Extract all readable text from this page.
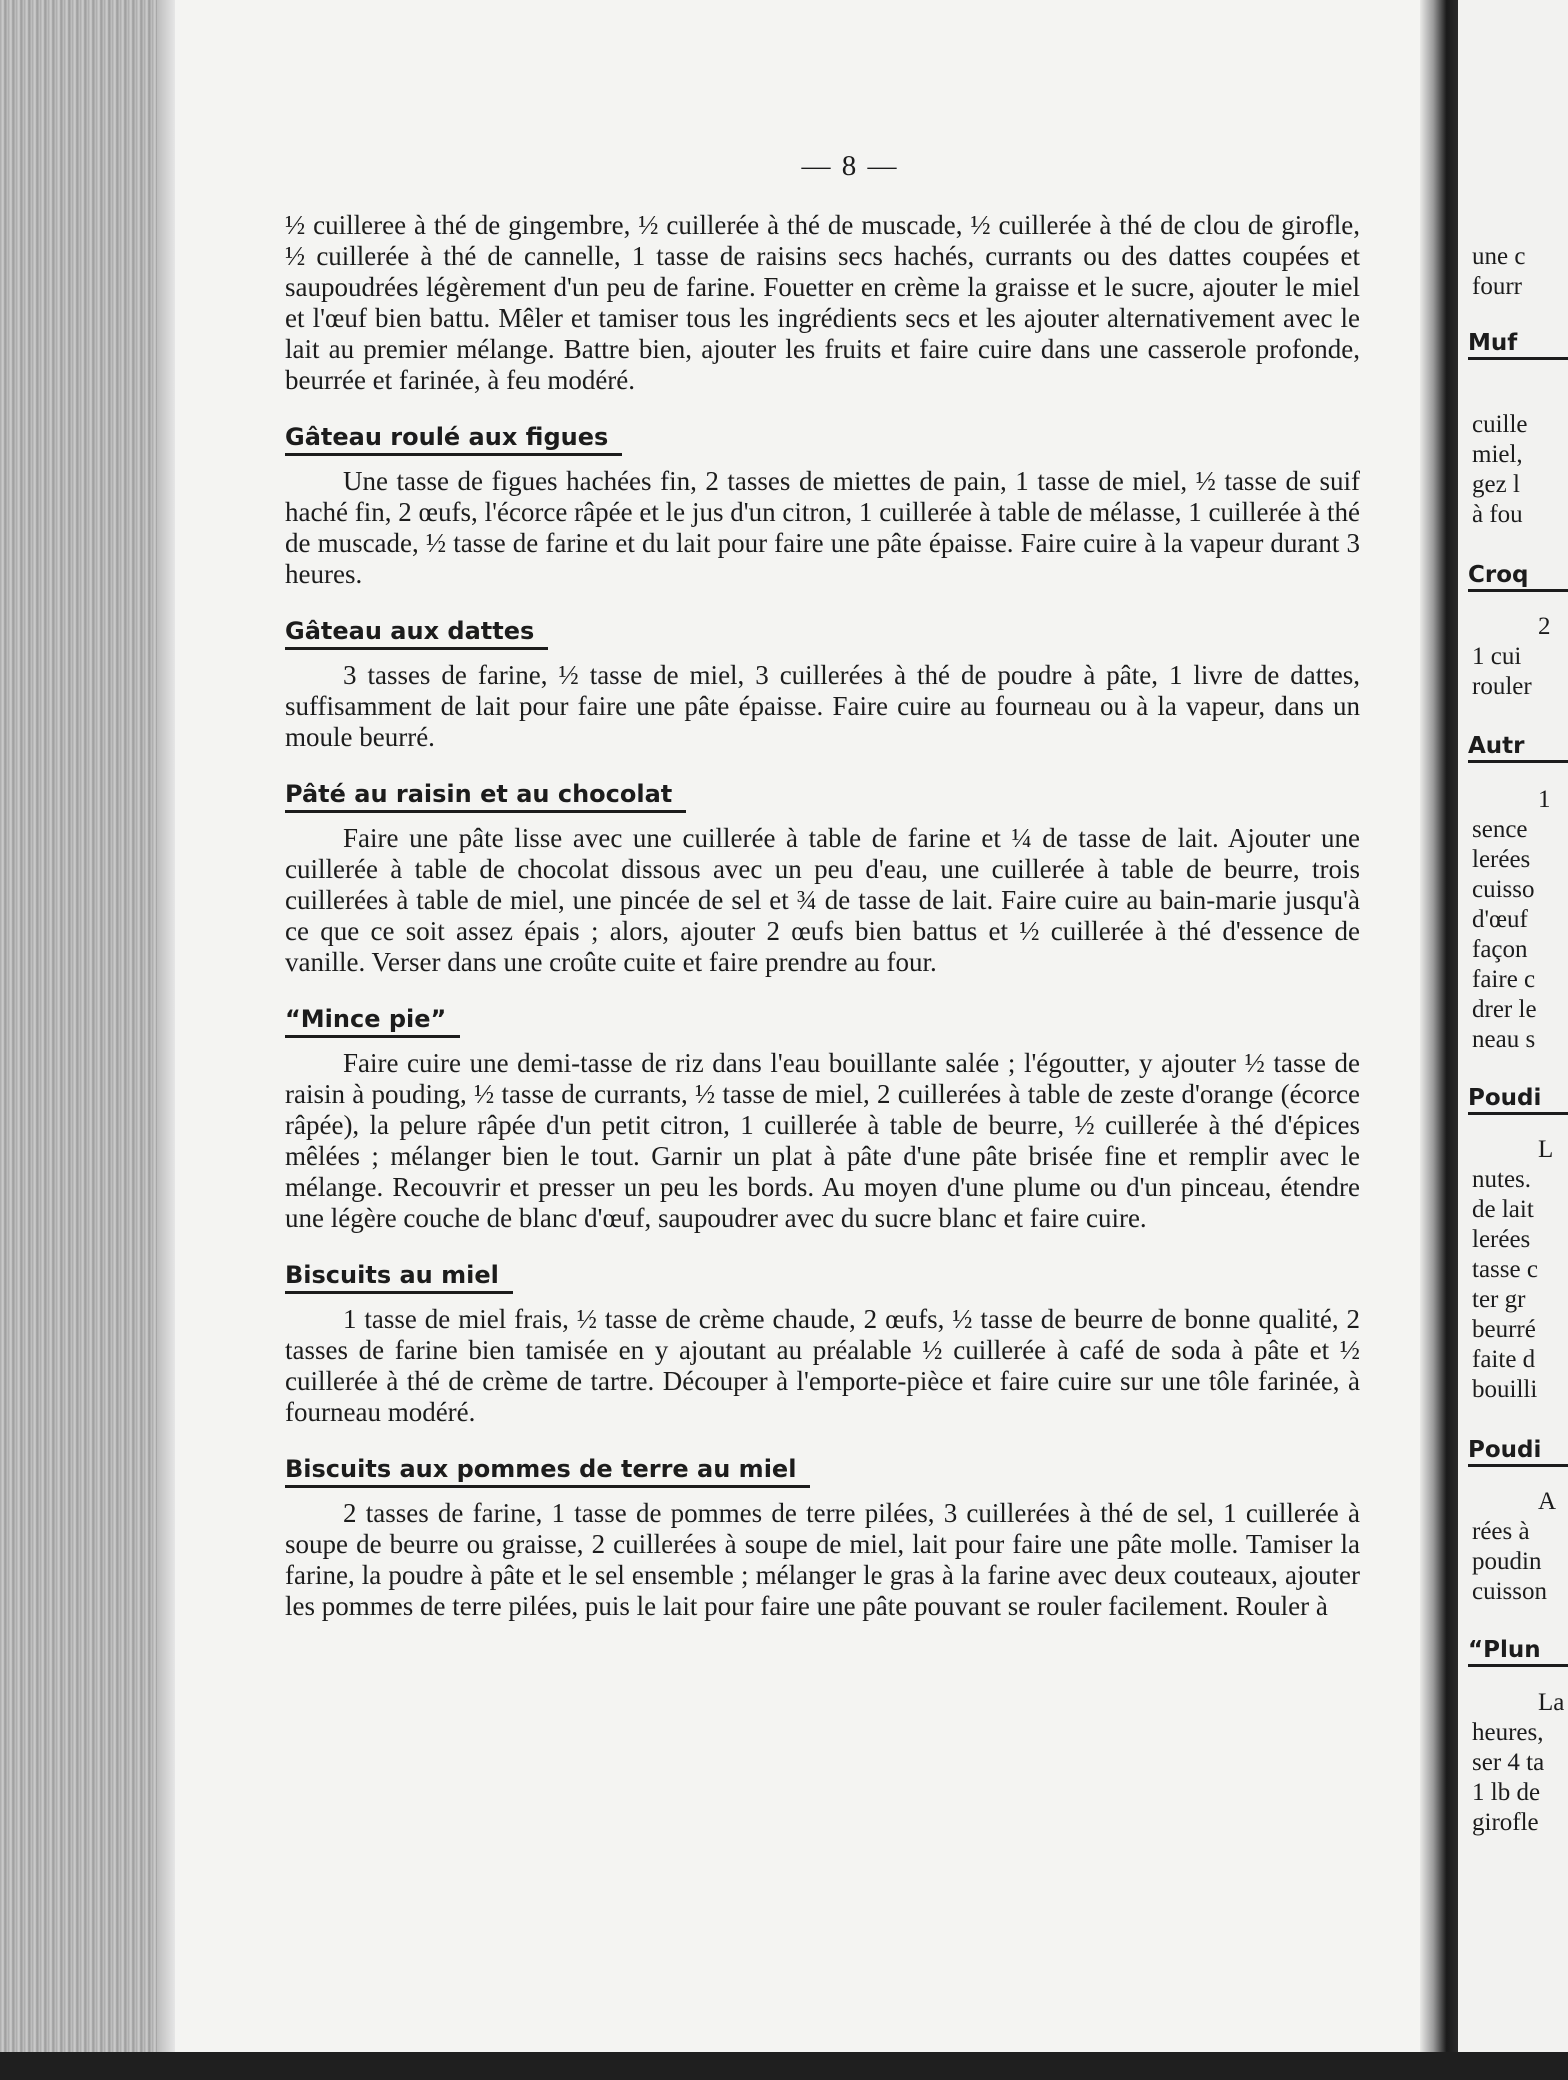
une c
fourr
Muf
cuille
miel,
gez l
à fou
Croq
2
1 cui
rouler
Autr
1
sence
lerées
cuisso
d'œuf
façon
faire c
drer le
neau s
Poudi
L
nutes.
de lait
lerées
tasse c
ter gr
beurré
faite d
bouilli
Poudi
A
rées à
poudin
cuisson
“Plun
La
heures,
ser 4 ta
1 lb de
girofle
— 8 —

½ cuilleree à thé de gingembre, ½ cuillerée à thé de muscade, ½ cuillerée à thé de clou de girofle, ½ cuillerée à thé de cannelle, 1 tasse de raisins secs hachés, currants ou des dattes coupées et saupoudrées légèrement d'un peu de farine. Fouetter en crème la graisse et le sucre, ajouter le miel et l'œuf bien battu. Mêler et tamiser tous les ingrédients secs et les ajouter alternativement avec le lait au premier mélange. Battre bien, ajouter les fruits et faire cuire dans une casserole profonde, beurrée et farinée, à feu modéré.

Gâteau roulé aux figues

Une tasse de figues hachées fin, 2 tasses de miettes de pain, 1 tasse de miel, ½ tasse de suif haché fin, 2 œufs, l'écorce râpée et le jus d'un citron, 1 cuillerée à table de mélasse, 1 cuillerée à thé de muscade, ½ tasse de farine et du lait pour faire une pâte épaisse. Faire cuire à la vapeur durant 3 heures.

Gâteau aux dattes

3 tasses de farine, ½ tasse de miel, 3 cuillerées à thé de poudre à pâte, 1 livre de dattes, suffisamment de lait pour faire une pâte épaisse. Faire cuire au fourneau ou à la vapeur, dans un moule beurré.

Pâté au raisin et au chocolat

Faire une pâte lisse avec une cuillerée à table de farine et ¼ de tasse de lait. Ajouter une cuillerée à table de chocolat dissous avec un peu d'eau, une cuillerée à table de beurre, trois cuillerées à table de miel, une pincée de sel et ¾ de tasse de lait. Faire cuire au bain-marie jusqu'à ce que ce soit assez épais ; alors, ajouter 2 œufs bien battus et ½ cuillerée à thé d'essence de vanille. Verser dans une croûte cuite et faire prendre au four.

“Mince pie”

Faire cuire une demi-tasse de riz dans l'eau bouillante salée ; l'égoutter, y ajouter ½ tasse de raisin à pouding, ½ tasse de currants, ½ tasse de miel, 2 cuillerées à table de zeste d'orange (écorce râpée), la pelure râpée d'un petit citron, 1 cuillerée à table de beurre, ½ cuillerée à thé d'épices mêlées ; mélanger bien le tout. Garnir un plat à pâte d'une pâte brisée fine et remplir avec le mélange. Recouvrir et presser un peu les bords. Au moyen d'une plume ou d'un pinceau, étendre une légère couche de blanc d'œuf, saupoudrer avec du sucre blanc et faire cuire.

Biscuits au miel

1 tasse de miel frais, ½ tasse de crème chaude, 2 œufs, ½ tasse de beurre de bonne qualité, 2 tasses de farine bien tamisée en y ajoutant au préalable ½ cuillerée à café de soda à pâte et ½ cuillerée à thé de crème de tartre. Découper à l'emporte-pièce et faire cuire sur une tôle farinée, à fourneau modéré.

Biscuits aux pommes de terre au miel

2 tasses de farine, 1 tasse de pommes de terre pilées, 3 cuillerées à thé de sel, 1 cuillerée à soupe de beurre ou graisse, 2 cuillerées à soupe de miel, lait pour faire une pâte molle. Tamiser la farine, la poudre à pâte et le sel ensemble ; mélanger le gras à la farine avec deux couteaux, ajouter les pommes de terre pilées, puis le lait pour faire une pâte pouvant se rouler facilement. Rouler à
